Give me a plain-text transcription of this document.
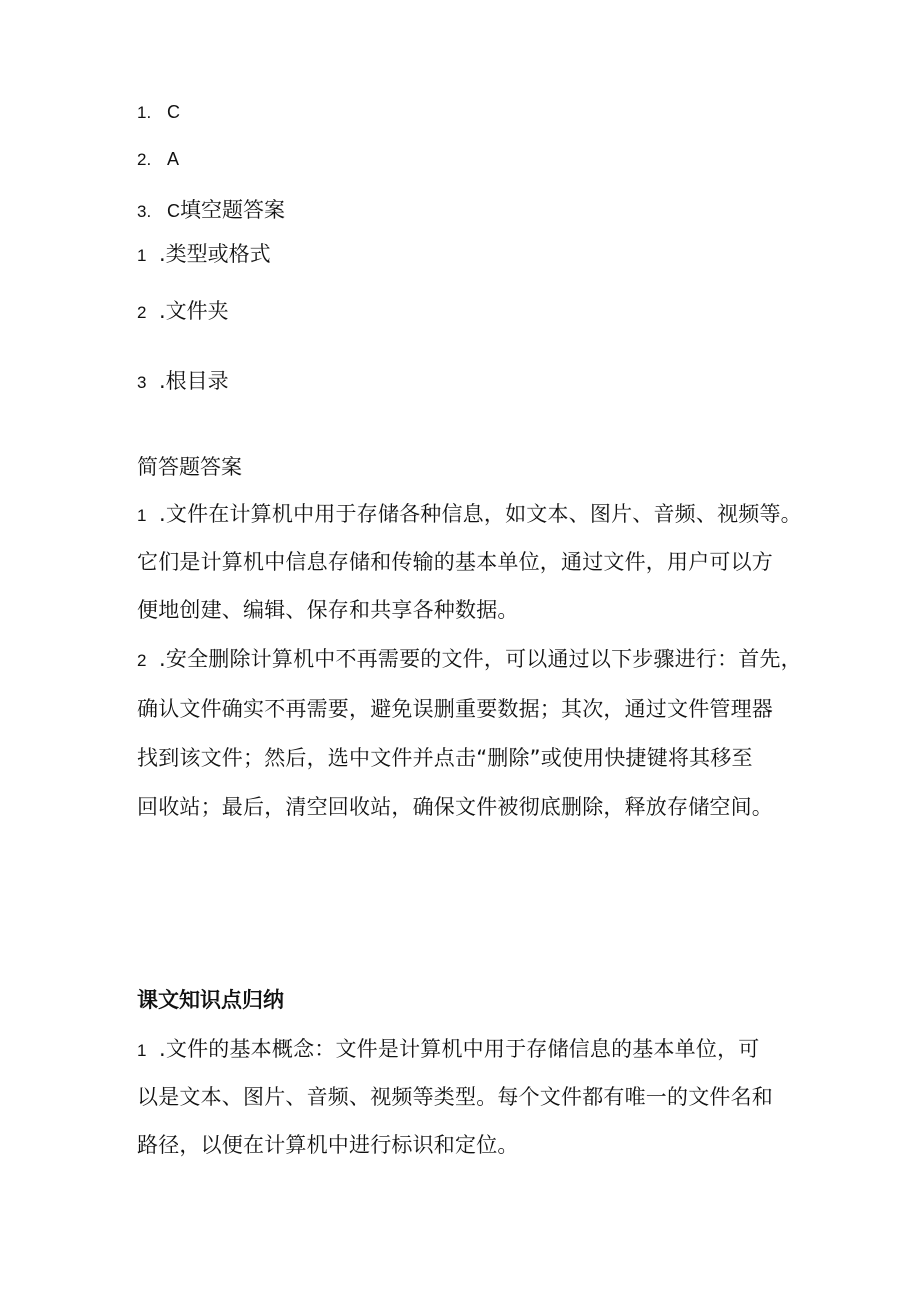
1. C
2. A
3. C填空题答案
1 .类型或格式
2 .文件夹
3 .根目录
简答题答案
1 .文件在计算机中用于存储各种信息，如文本、图片、音频、视频等。
它们是计算机中信息存储和传输的基本单位，通过文件，用户可以方
便地创建、编辑、保存和共享各种数据。
2 .安全删除计算机中不再需要的文件，可以通过以下步骤进行：首先，
确认文件确实不再需要，避免误删重要数据；其次，通过文件管理器
找到该文件；然后，选中文件并点击“删除”或使用快捷键将其移至
回收站；最后，清空回收站，确保文件被彻底删除，释放存储空间。
课文知识点归纳
1 .文件的基本概念：文件是计算机中用于存储信息的基本单位，可
以是文本、图片、音频、视频等类型。每个文件都有唯一的文件名和
路径，以便在计算机中进行标识和定位。
